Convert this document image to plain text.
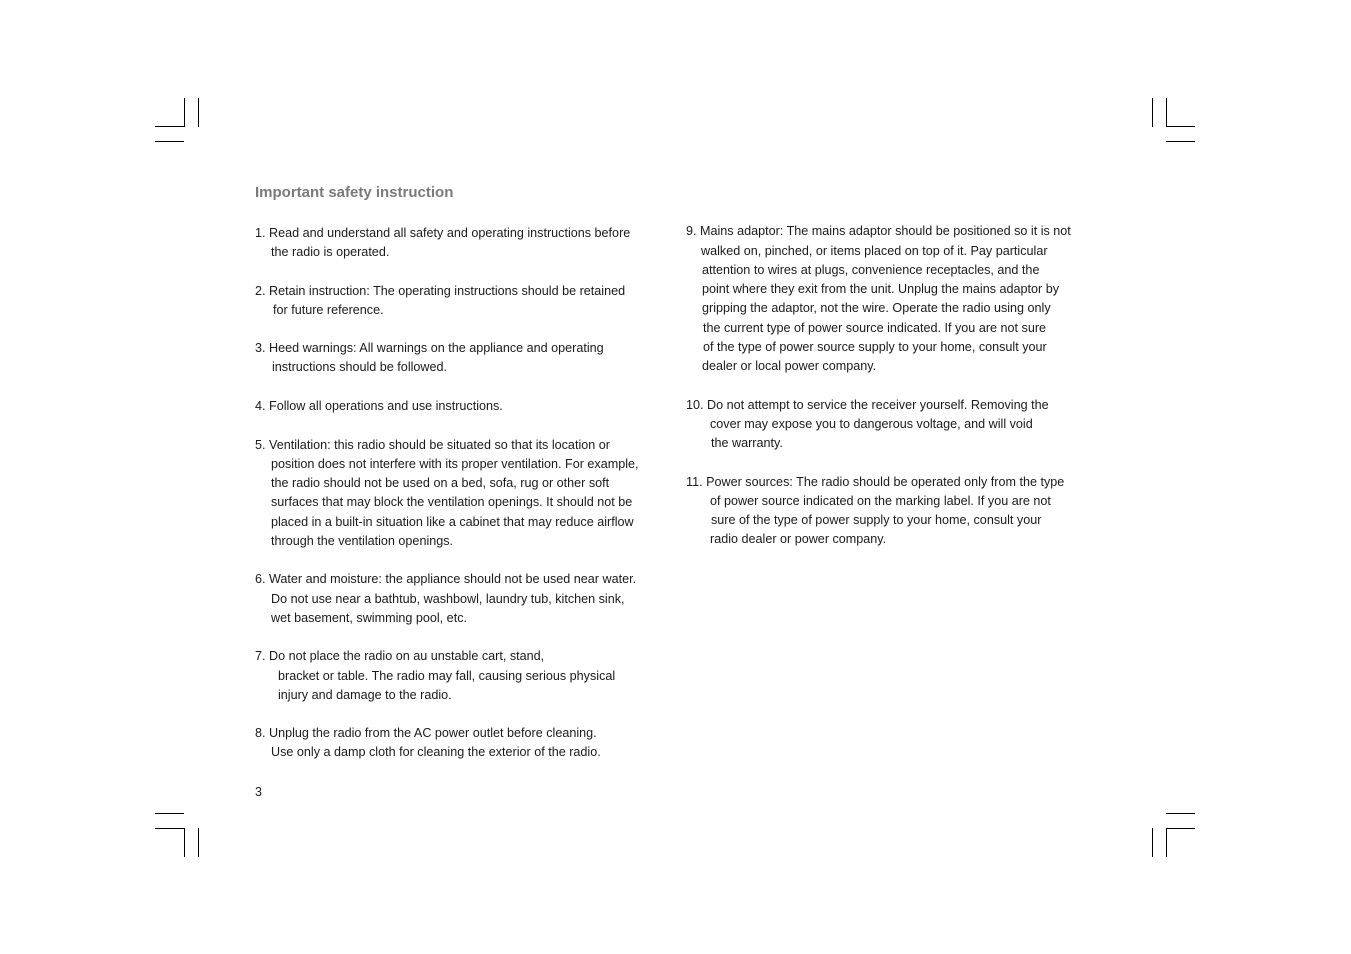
Important safety instruction
1. Read and understand all safety and operating instructions before
the radio is operated.
2. Retain instruction: The operating instructions should be retained
for future reference.
3. Heed warnings: All warnings on the appliance and operating
instructions should be followed.
4. Follow all operations and use instructions.
5. Ventilation: this radio should be situated so that its location or
position does not interfere with its proper ventilation. For example,
the radio should not be used on a bed, sofa, rug or other soft
surfaces that may block the ventilation openings. It should not be
placed in a built-in situation like a cabinet that may reduce airflow
through the ventilation openings.
6. Water and moisture: the appliance should not be used near water.
Do not use near a bathtub, washbowl, laundry tub, kitchen sink,
wet basement, swimming pool, etc.
7. Do not place the radio on au unstable cart, stand,
bracket or table. The radio may fall, causing serious physical
injury and damage to the radio.
8. Unplug the radio from the AC power outlet before cleaning.
Use only a damp cloth for cleaning the exterior of the radio.
9. Mains adaptor: The mains adaptor should be positioned so it is not
walked on, pinched, or items placed on top of it. Pay particular
attention to wires at plugs, convenience receptacles, and the
point where they exit from the unit. Unplug the mains adaptor by
gripping the adaptor, not the wire. Operate the radio using only
the current type of power source indicated. If you are not sure
of the type of power source supply to your home, consult your
dealer or local power company.
10. Do not attempt to service the receiver yourself. Removing the
cover may expose you to dangerous voltage, and will void
the warranty.
11. Power sources: The radio should be operated only from the type
of power source indicated on the marking label. If you are not
sure of the type of power supply to your home, consult your
radio dealer or power company.
3
